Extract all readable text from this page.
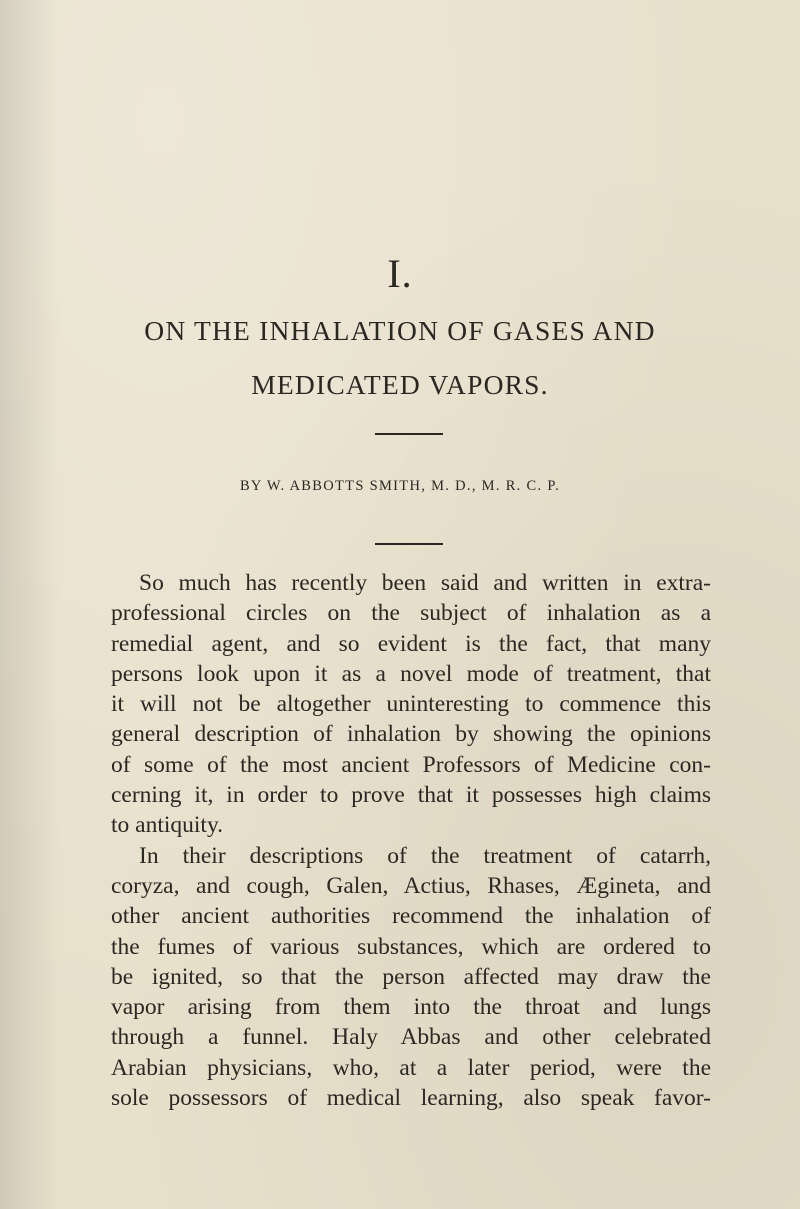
I.
ON THE INHALATION OF GASES AND
MEDICATED VAPORS.
BY W. ABBOTTS SMITH, M. D., M. R. C. P.
So much has recently been said and written in extra-
professional circles on the subject of inhalation as a
remedial agent, and so evident is the fact, that many
persons look upon it as a novel mode of treatment, that
it will not be altogether uninteresting to commence this
general description of inhalation by showing the opinions
of some of the most ancient Professors of Medicine con-
cerning it, in order to prove that it possesses high claims
to antiquity.
In their descriptions of the treatment of catarrh,
coryza, and cough, Galen, Actius, Rhases, Ægineta, and
other ancient authorities recommend the inhalation of
the fumes of various substances, which are ordered to
be ignited, so that the person affected may draw the
vapor arising from them into the throat and lungs
through a funnel. Haly Abbas and other celebrated
Arabian physicians, who, at a later period, were the
sole possessors of medical learning, also speak favor-
